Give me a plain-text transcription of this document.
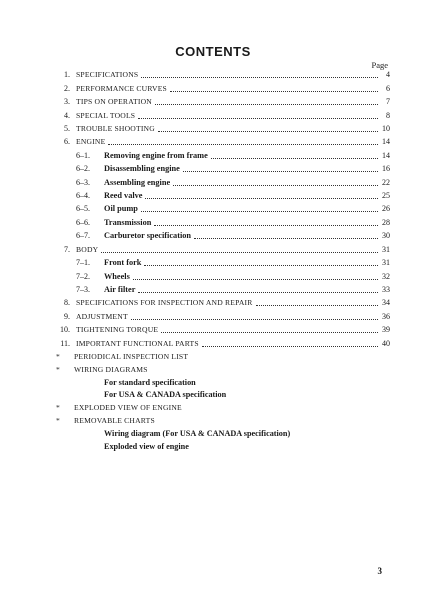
CONTENTS
Page
1. SPECIFICATIONS	4
2. PERFORMANCE CURVES	6
3. TIPS ON OPERATION	7
4. SPECIAL TOOLS	8
5. TROUBLE SHOOTING	10
6. ENGINE	14
6–1.	Removing engine from frame	14
6–2.	Disassembling engine	16
6–3.	Assembling engine	22
6–4.	Reed valve	25
6–5.	Oil pump	26
6–6.	Transmission	28
6–7.	Carburetor specification	30
7. BODY	31
7–1.	Front fork	31
7–2.	Wheels	32
7–3.	Air filter	33
8. SPECIFICATIONS FOR INSPECTION AND REPAIR	34
9. ADJUSTMENT	36
10. TIGHTENING TORQUE	39
11. IMPORTANT FUNCTIONAL PARTS	40
*	PERIODICAL INSPECTION LIST
*	WIRING DIAGRAMS
For standard specification
For USA & CANADA specification
*	EXPLODED VIEW OF ENGINE
*	REMOVABLE CHARTS
Wiring diagram (For USA & CANADA specification)
Exploded view of engine
3
